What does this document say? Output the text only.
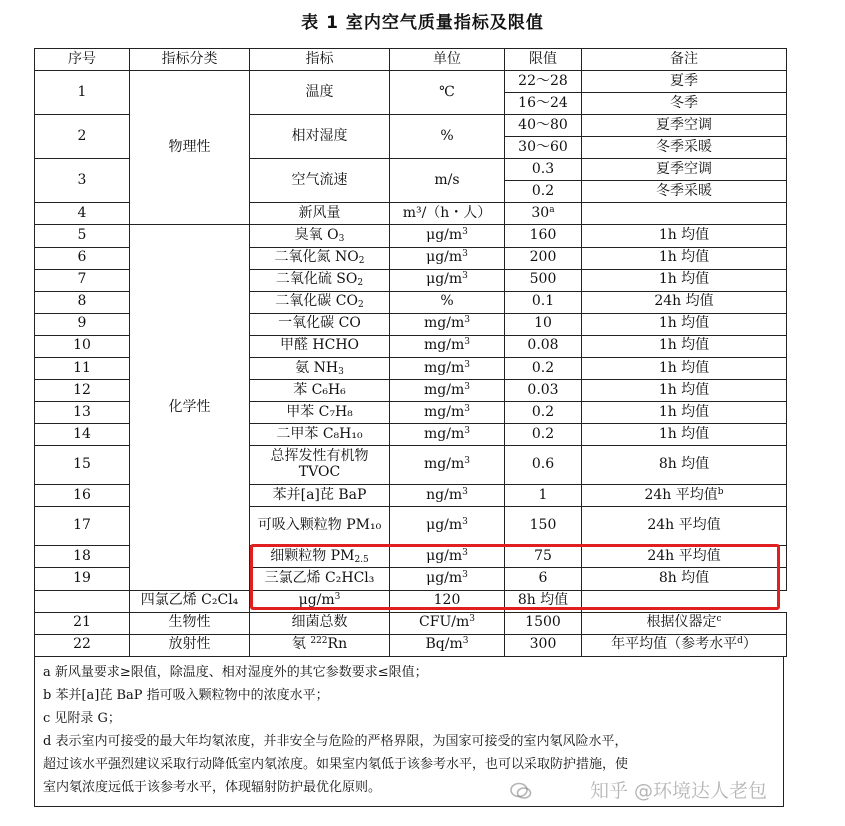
表 1 室内空气质量指标及限值
序号	指标分类	指标	单位	限值	备注
1	物理性	温度	℃	22～28	夏季
				16～24	冬季
2		相对湿度	%	40～80	夏季空调
				30～60	冬季采暖
3		空气流速	m/s	0.3	夏季空调
				0.2	冬季采暖
4		新风量	m³/（h・人）	30$^a$	
5	化学性	臭氧 $O_3$	$\mu g/m^3$	160	1h 均值
6		二氧化氮 $NO_2$	$\mu g/m^3$	200	1h 均值
7		二氧化硫 $SO_2$	$\mu g/m^3$	500	1h 均值
8		二氧化碳 $CO_2$	%	0.1	24h 均值
9		一氧化碳 CO	$mg/m^3$	10	1h 均值
10		甲醛 HCHO	$mg/m^3$	0.08	1h 均值
11		氨 $NH_3$	$mg/m^3$	0.2	1h 均值
12		苯 C₆H₆	$mg/m^3$	0.03	1h 均值
13		甲苯 C₇H₈	$mg/m^3$	0.2	1h 均值
14		二甲苯 C₈H₁₀	$mg/m^3$	0.2	1h 均值
15		总挥发性有机物 TVOC	$mg/m^3$	0.6	8h 均值
16		苯并[a]芘 BaP	$ng/m^3$	1	24h 平均值$^b$
17		可吸入颗粒物 PM₁₀	$\mu g/m^3$	150	24h 平均值
18		细颗粒物 $PM_{2.5}$	$\mu g/m^3$	75	24h 平均值
19		三氯乙烯 C₂HCl₃	$\mu g/m^3$	6	8h 均值
	四氯乙烯 C₂Cl₄	$\mu g/m^3$	120	8h 均值	
21	生物性	细菌总数	CFU/$m^3$	1500	根据仪器定$^c$
22	放射性	氡 $^{222}$Rn	$Bq/m^3$	300	年平均值（参考水平$^d$）
a 新风量要求≥限值，除温度、相对湿度外的其它参数要求≤限值；
b 苯并[a]芘 BaP 指可吸入颗粒物中的浓度水平；
c 见附录 G；
d 表示室内可接受的最大年均氡浓度，并非安全与危险的严格界限，为国家可接受的室内氡风险水平，
超过该水平强烈建议采取行动降低室内氡浓度。如果室内氡低于该参考水平，也可以采取防护措施，使
室内氡浓度远低于该参考水平，体现辐射防护最优化原则。	知乎 @环境达人老包
